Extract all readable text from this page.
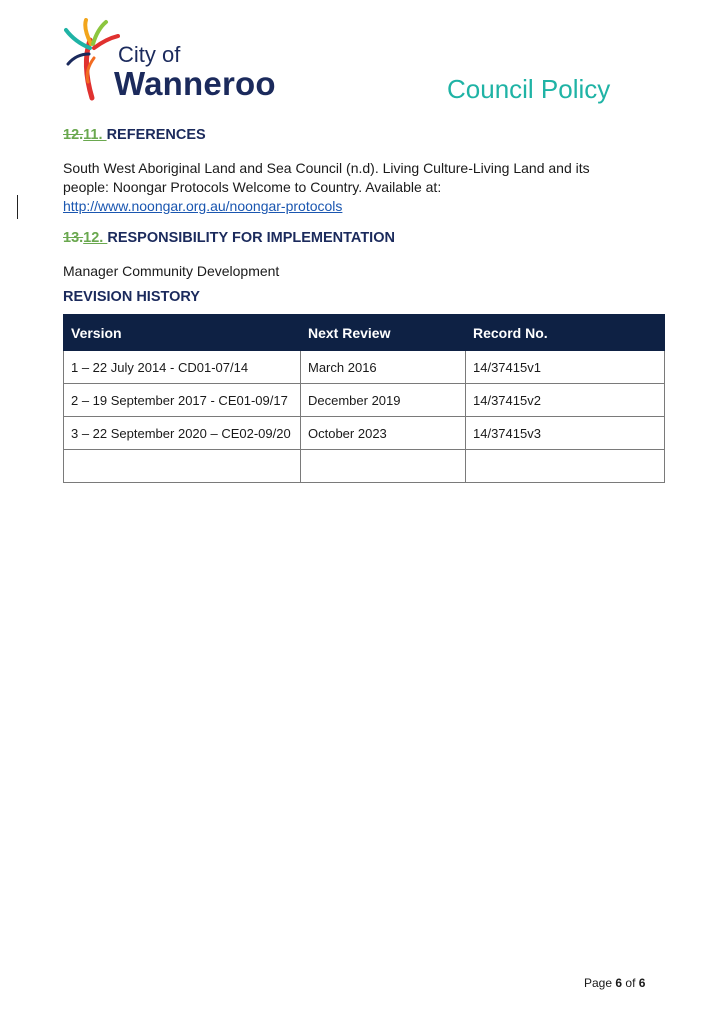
City of
Wanneroo	Council Policy
12.11. REFERENCES
South West Aboriginal Land and Sea Council (n.d). Living Culture-Living Land and its people: Noongar Protocols Welcome to Country. Available at:
http://www.noongar.org.au/noongar-protocols
13.12. RESPONSIBILITY FOR IMPLEMENTATION
Manager Community Development
REVISION HISTORY
Version	Next Review	Record No.
1 – 22 July 2014 - CD01-07/14	March 2016	14/37415v1
2 – 19 September 2017 - CE01-09/17	December 2019	14/37415v2
3 – 22 September 2020 – CE02-09/20	October 2023	14/37415v3

Page 6 of 6
